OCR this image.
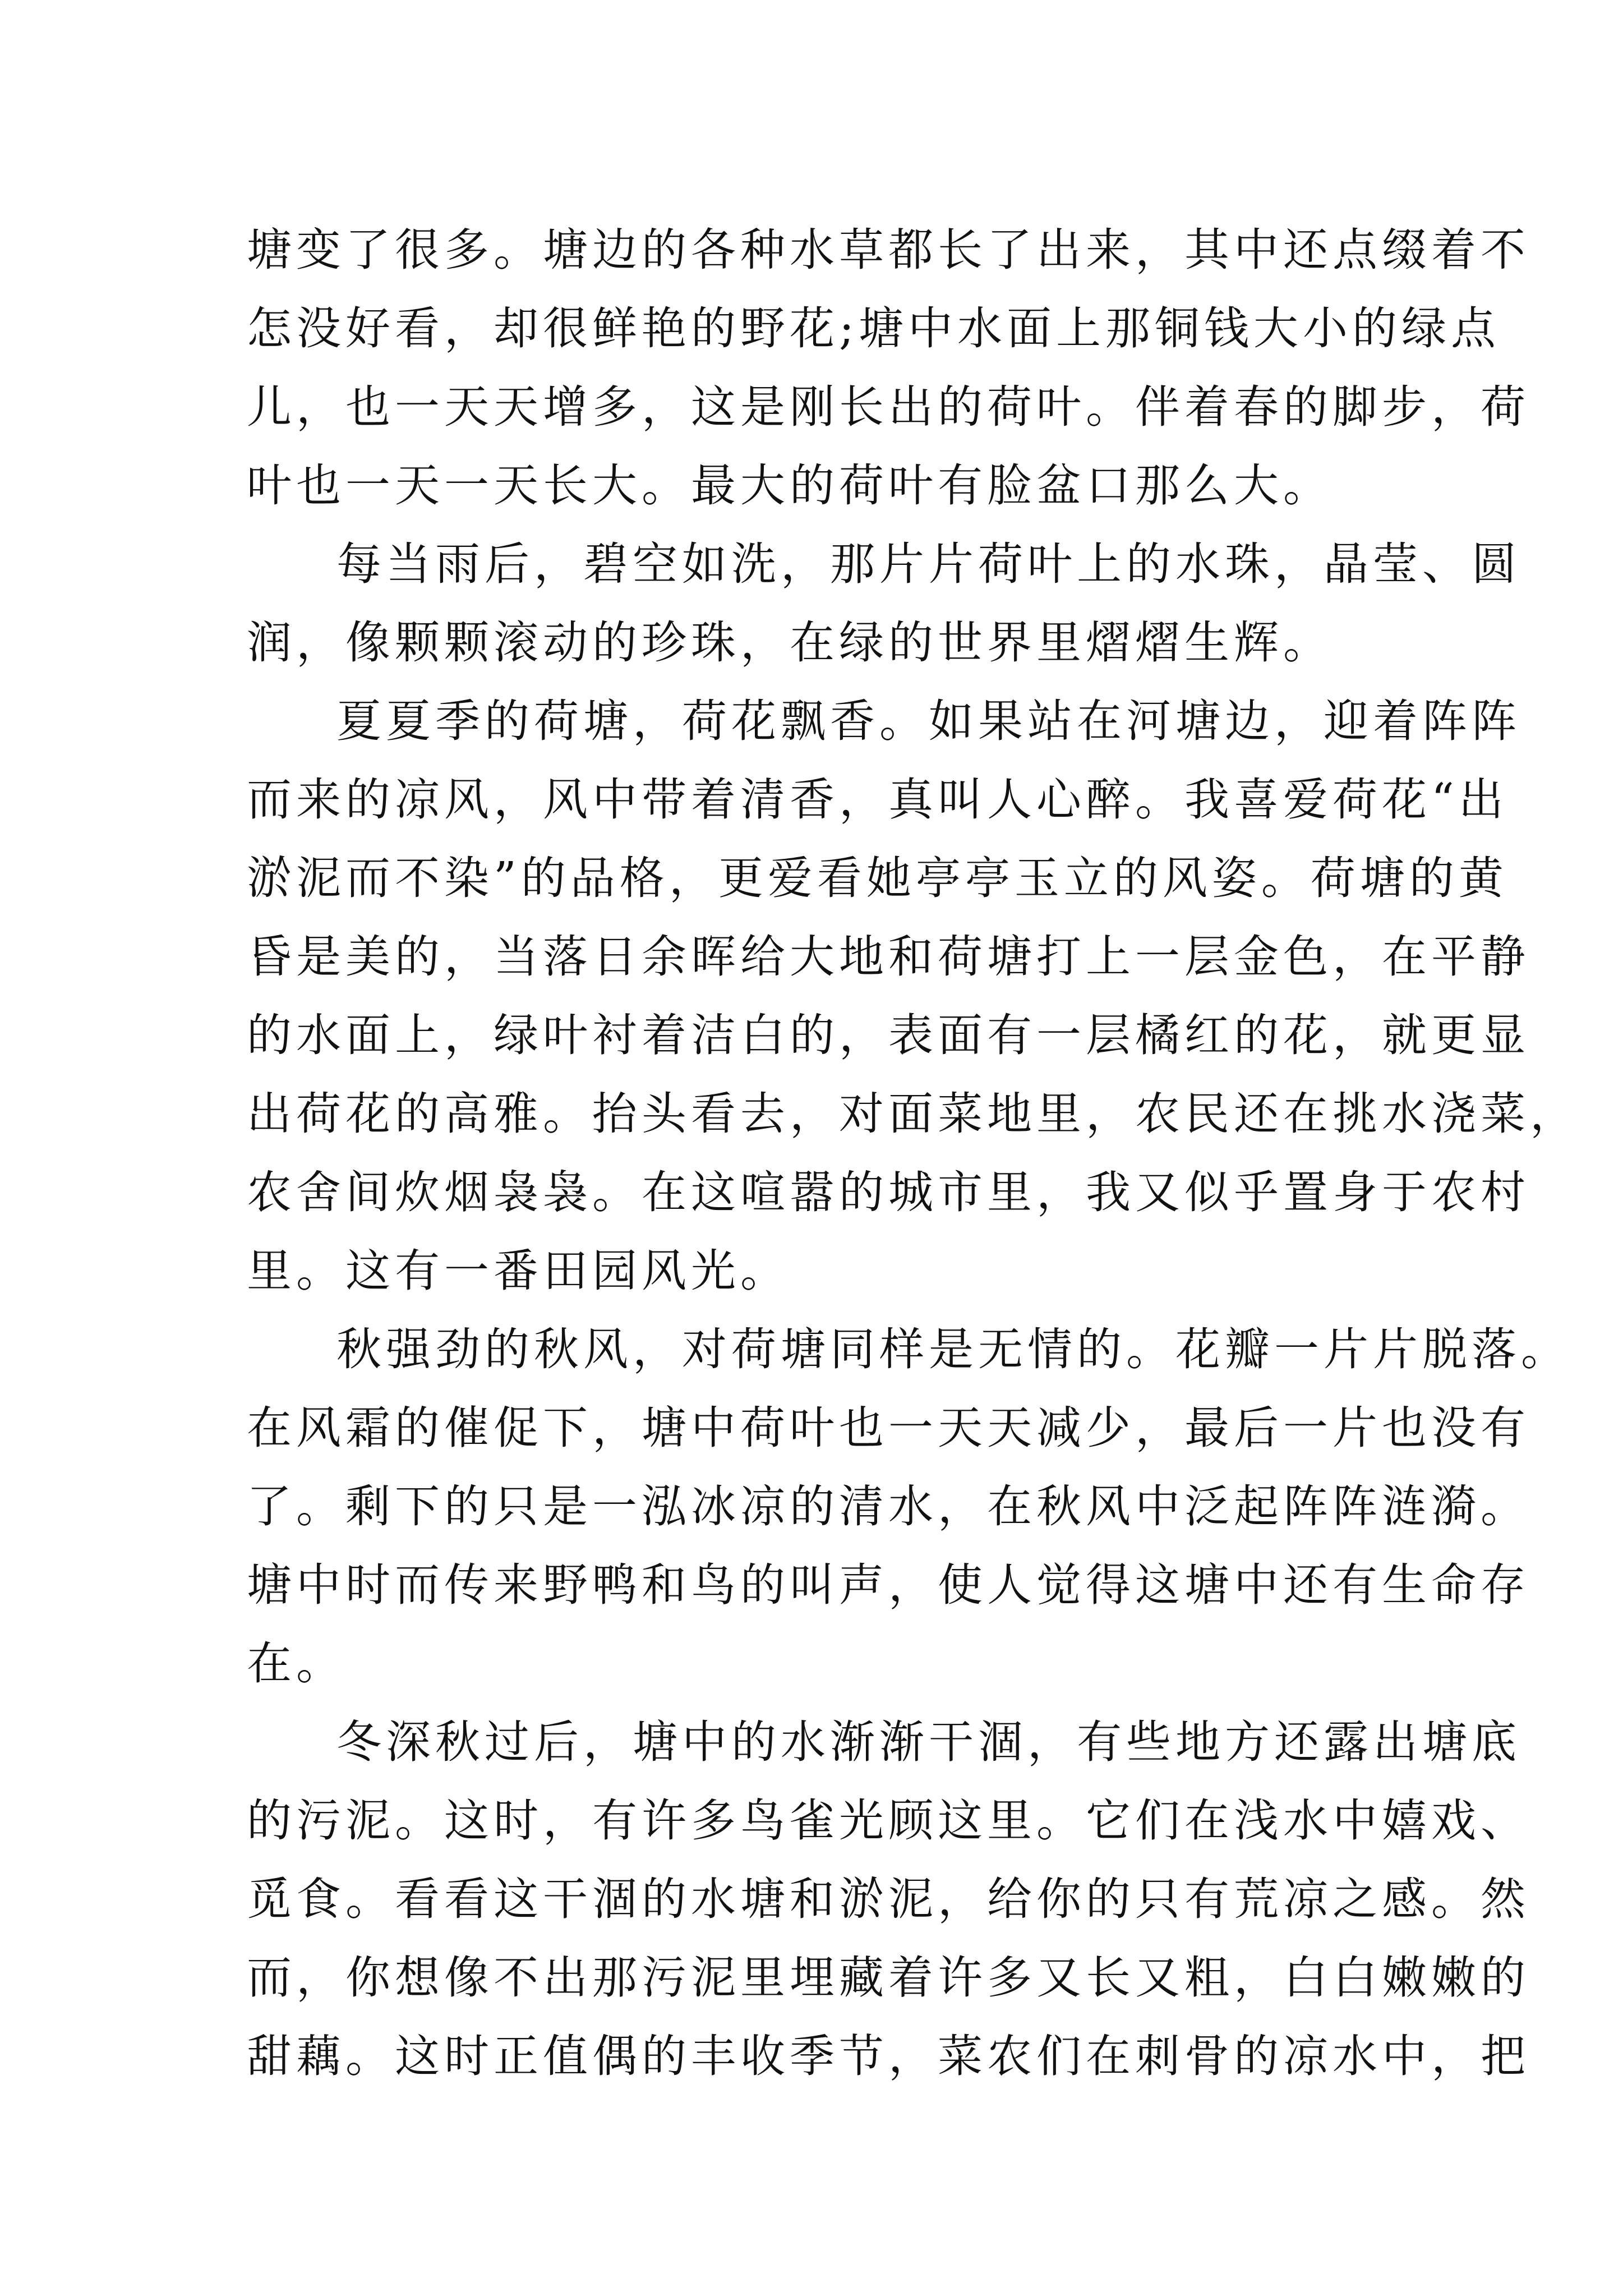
塘变了很多。塘边的各种水草都长了出来，其中还点缀着不
怎没好看，却很鲜艳的野花;塘中水面上那铜钱大小的绿点
儿，也一天天增多，这是刚长出的荷叶。伴着春的脚步，荷
叶也一天一天长大。最大的荷叶有脸盆口那么大。
每当雨后，碧空如洗，那片片荷叶上的水珠，晶莹、圆
润，像颗颗滚动的珍珠，在绿的世界里熠熠生辉。
夏夏季的荷塘，荷花飘香。如果站在河塘边，迎着阵阵
而来的凉风，风中带着清香，真叫人心醉。我喜爱荷花“出
淤泥而不染”的品格，更爱看她亭亭玉立的风姿。荷塘的黄
昏是美的，当落日余晖给大地和荷塘打上一层金色，在平静
的水面上，绿叶衬着洁白的，表面有一层橘红的花，就更显
出荷花的高雅。抬头看去，对面菜地里，农民还在挑水浇菜，
农舍间炊烟袅袅。在这喧嚣的城市里，我又似乎置身于农村
里。这有一番田园风光。
秋强劲的秋风，对荷塘同样是无情的。花瓣一片片脱落。
在风霜的催促下，塘中荷叶也一天天减少，最后一片也没有
了。剩下的只是一泓冰凉的清水，在秋风中泛起阵阵涟漪。
塘中时而传来野鸭和鸟的叫声，使人觉得这塘中还有生命存
在。
冬深秋过后，塘中的水渐渐干涸，有些地方还露出塘底
的污泥。这时，有许多鸟雀光顾这里。它们在浅水中嬉戏、
觅食。看看这干涸的水塘和淤泥，给你的只有荒凉之感。然
而，你想像不出那污泥里埋藏着许多又长又粗，白白嫩嫩的
甜藕。这时正值偶的丰收季节，菜农们在刺骨的凉水中，把
